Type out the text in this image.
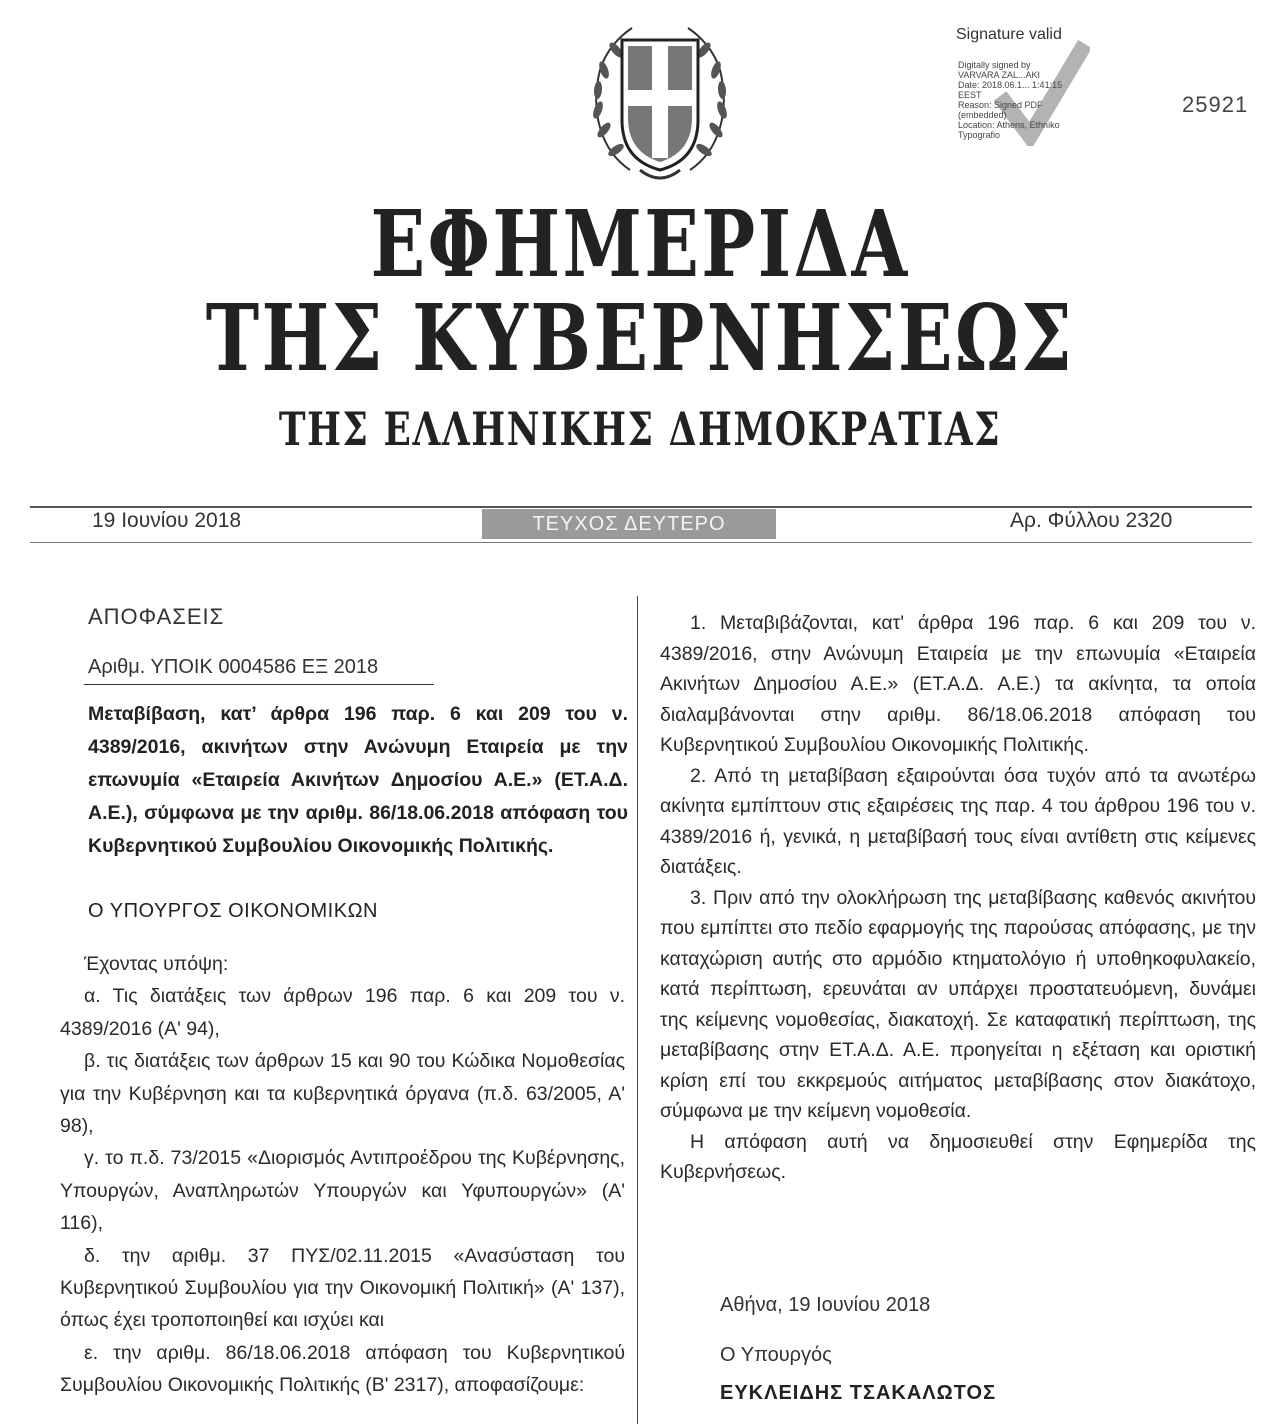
Signature valid
Digitally signed by
VARVARA ZAL...AKI
Date: 2018.06.1... 1:41:15
EEST
Reason: Signed PDF
(embedded)
Location: Athens, Ethniko
Typografio
25921
ΕΦΗΜΕΡΙΔΑ
ΤΗΣ ΚΥΒΕΡΝΗΣΕΩΣ
ΤΗΣ ΕΛΛΗΝΙΚΗΣ ΔΗΜΟΚΡΑΤΙΑΣ
19 Ιουνίου 2018	ΤΕΥΧΟΣ ΔΕΥΤΕΡΟ	Αρ. Φύλλου 2320
ΑΠΟΦΑΣΕΙΣ
Αριθμ. ΥΠΟΙΚ 0004586 ΕΞ 2018
Μεταβίβαση, κατ’ άρθρα 196 παρ. 6 και 209 του ν. 4389/2016, ακινήτων στην Ανώνυμη Εταιρεία με την επωνυμία «Εταιρεία Ακινήτων Δημοσίου Α.Ε.» (ΕΤ.Α.Δ. Α.Ε.), σύμφωνα με την αριθμ. 86/18.06.2018 απόφαση του Κυβερνητικού Συμβουλίου Οικονομικής Πολιτικής.
Ο ΥΠΟΥΡΓΟΣ ΟΙΚΟΝΟΜΙΚΩΝ

Έχοντας υπόψη:

α. Τις διατάξεις των άρθρων 196 παρ. 6 και 209 του ν. 4389/2016 (Α' 94),

β. τις διατάξεις των άρθρων 15 και 90 του Κώδικα Νομοθεσίας για την Κυβέρνηση και τα κυβερνητικά όργανα (π.δ. 63/2005, Α' 98),

γ. το π.δ. 73/2015 «Διορισμός Αντιπροέδρου της Κυβέρνησης, Υπουργών, Αναπληρωτών Υπουργών και Υφυπουργών» (Α' 116),

δ. την αριθμ. 37 ΠΥΣ/02.11.2015 «Ανασύσταση του Κυβερνητικού Συμβουλίου για την Οικονομική Πολιτική» (Α' 137), όπως έχει τροποποιηθεί και ισχύει και

ε. την αριθμ. 86/18.06.2018 απόφαση του Κυβερνητικού Συμβουλίου Οικονομικής Πολιτικής (Β' 2317), αποφασίζουμε:

1. Μεταβιβάζονται, κατ' άρθρα 196 παρ. 6 και 209 του ν. 4389/2016, στην Ανώνυμη Εταιρεία με την επωνυμία «Εταιρεία Ακινήτων Δημοσίου Α.Ε.» (ΕΤ.Α.Δ. Α.Ε.) τα ακίνητα, τα οποία διαλαμβάνονται στην αριθμ. 86/18.06.2018 απόφαση του Κυβερνητικού Συμβουλίου Οικονομικής Πολιτικής.

2. Από τη μεταβίβαση εξαιρούνται όσα τυχόν από τα ανωτέρω ακίνητα εμπίπτουν στις εξαιρέσεις της παρ. 4 του άρθρου 196 του ν. 4389/2016 ή, γενικά, η μεταβίβασή τους είναι αντίθετη στις κείμενες διατάξεις.

3. Πριν από την ολοκλήρωση της μεταβίβασης καθενός ακινήτου που εμπίπτει στο πεδίο εφαρμογής της παρούσας απόφασης, με την καταχώριση αυτής στο αρμόδιο κτηματολόγιο ή υποθηκοφυλακείο, κατά περίπτωση, ερευνάται αν υπάρχει προστατευόμενη, δυνάμει της κείμενης νομοθεσίας, διακατοχή. Σε καταφατική περίπτωση, της μεταβίβασης στην ΕΤ.Α.Δ. Α.Ε. προηγείται η εξέταση και οριστική κρίση επί του εκκρεμούς αιτήματος μεταβίβασης στον διακάτοχο, σύμφωνα με την κείμενη νομοθεσία.

Η απόφαση αυτή να δημοσιευθεί στην Εφημερίδα της Κυβερνήσεως.

Αθήνα, 19 Ιουνίου 2018
Ο Υπουργός
ΕΥΚΛΕΙΔΗΣ ΤΣΑΚΑΛΩΤΟΣ
